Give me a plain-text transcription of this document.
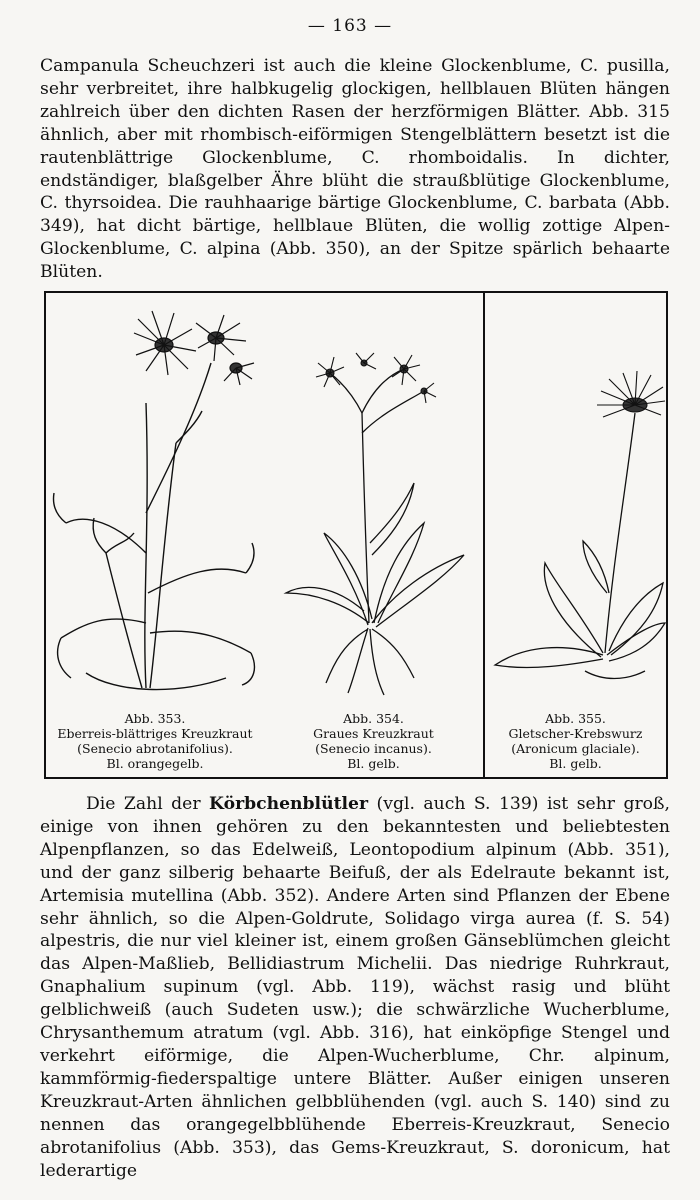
— 163 —

Campanula Scheuchzeri ist auch die kleine Glockenblume, C. pusilla, sehr verbreitet, ihre halbkugelig glockigen, hellblauen Blüten hängen zahlreich über den dichten Rasen der herzförmigen Blätter. Abb. 315 ähnlich, aber mit rhombisch-eiförmigen Stengelblättern besetzt ist die rautenblättrige Glockenblume, C. rhomboidalis. In dichter, endständiger, blaßgelber Ähre blüht die straußblütige Glockenblume, C. thyrsoidea. Die rauhhaarige bärtige Glockenblume, C. barbata (Abb. 349), hat dicht bärtige, hellblaue Blüten, die wollig zottige Alpen-Glockenblume, C. alpina (Abb. 350), an der Spitze spärlich behaarte Blüten.

Abb. 353.
Eberreis-blättriges Kreuzkraut
(Senecio abrotanifolius).
Bl. orangegelb.
Abb. 354.
Graues Kreuzkraut
(Senecio incanus).
Bl. gelb.
Abb. 355.
Gletscher-Krebswurz
(Aronicum glaciale).
Bl. gelb.

Die Zahl der Körbchenblütler (vgl. auch S. 139) ist sehr groß, einige von ihnen gehören zu den bekanntesten und beliebtesten Alpenpflanzen, so das Edelweiß, Leontopodium alpinum (Abb. 351), und der ganz silberig behaarte Beifuß, der als Edelraute bekannt ist, Artemisia mutellina (Abb. 352). Andere Arten sind Pflanzen der Ebene sehr ähnlich, so die Alpen-Goldrute, Solidago virga aurea (f. S. 54) alpestris, die nur viel kleiner ist, einem großen Gänseblümchen gleicht das Alpen-Maßlieb, Bellidiastrum Michelii. Das niedrige Ruhrkraut, Gnaphalium supinum (vgl. Abb. 119), wächst rasig und blüht gelblichweiß (auch Sudeten usw.); die schwärzliche Wucherblume, Chrysanthemum atratum (vgl. Abb. 316), hat einköpfige Stengel und verkehrt eiförmige, die Alpen-Wucherblume, Chr. alpinum, kammförmig-fiederspaltige untere Blätter. Außer einigen unseren Kreuzkraut-Arten ähnlichen gelbblühenden (vgl. auch S. 140) sind zu nennen das orangegelbblühende Eberreis-Kreuzkraut, Senecio abrotanifolius (Abb. 353), das Gems-Kreuzkraut, S. doronicum, hat lederartige
